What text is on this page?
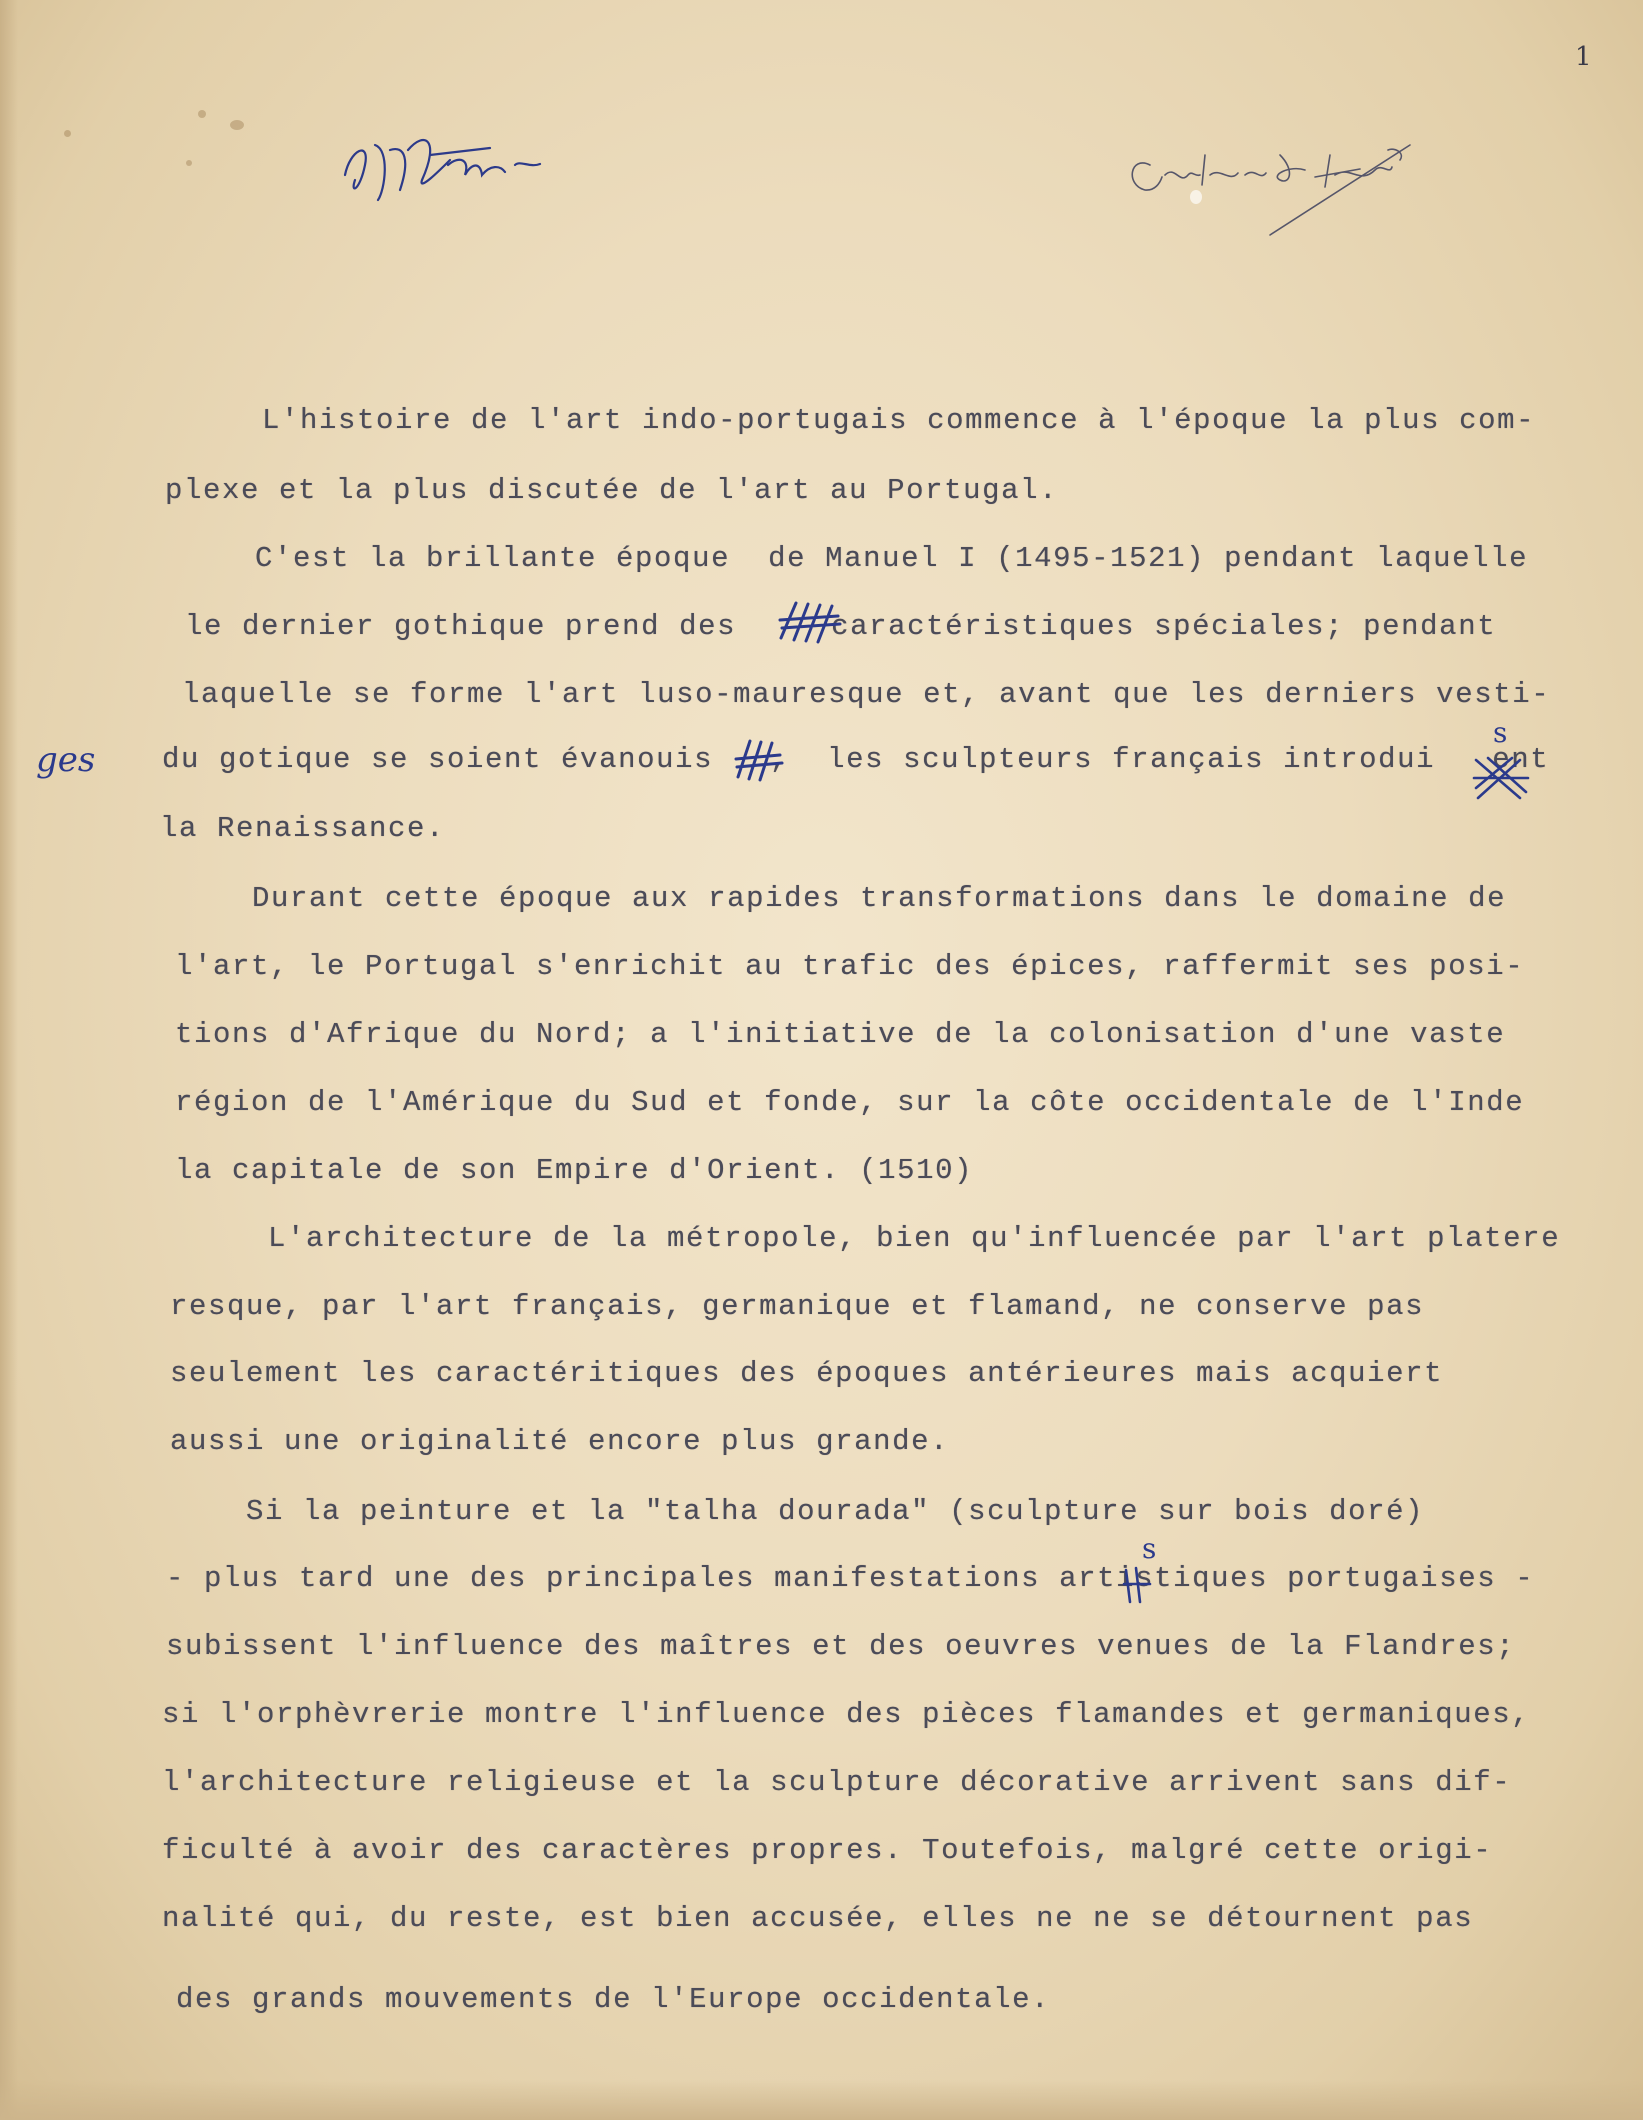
1
ges
L'histoire de l'art indo-portugais commence à l'époque la plus com-
plexe et la plus discutée de l'art au Portugal.
C'est la brillante époque  de Manuel I (1495-1521) pendant laquelle
le dernier gothique prend des     caractéristiques spéciales; pendant
laquelle se forme l'art luso-mauresque et, avant que les derniers vesti-
du gotique se soient évanouis   ,  les sculpteurs français introdui   ent
la Renaissance.
Durant cette époque aux rapides transformations dans le domaine de
l'art, le Portugal s'enrichit au trafic des épices, raffermit ses posi-
tions d'Afrique du Nord; a l'initiative de la colonisation d'une vaste
région de l'Amérique du Sud et fonde, sur la côte occidentale de l'Inde
la capitale de son Empire d'Orient. (1510)
L'architecture de la métropole, bien qu'influencée par l'art platere
resque, par l'art français, germanique et flamand, ne conserve pas
seulement les caractéritiques des époques antérieures mais acquiert
aussi une originalité encore plus grande.
Si la peinture et la "talha dourada" (sculpture sur bois doré)
- plus tard une des principales manifestations artistiques portugaises -
subissent l'influence des maîtres et des oeuvres venues de la Flandres;
si l'orphèvrerie montre l'influence des pièces flamandes et germaniques,
l'architecture religieuse et la sculpture décorative arrivent sans dif-
ficulté à avoir des caractères propres. Toutefois, malgré cette origi-
nalité qui, du reste, est bien accusée, elles ne ne se détournent pas
des grands mouvements de l'Europe occidentale.
s
s
